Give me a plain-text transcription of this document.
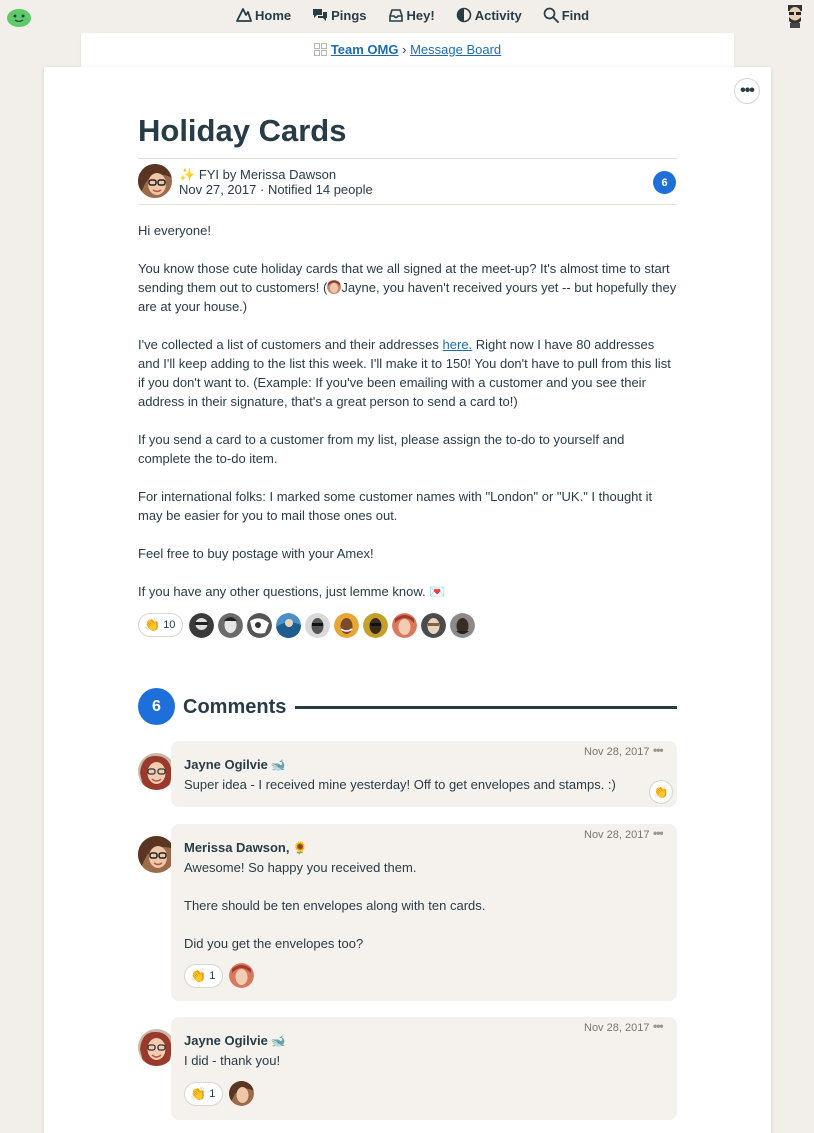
Home	Pings	Hey!	Activity	Find
Team OMG › Message Board
•••
Holiday Cards
✨ FYI by Merissa Dawson
Nov 27, 2017 · Notified 14 people	6

Hi everyone!

You know those cute holiday cards that we all signed at the meet-up? It's almost time to start sending them out to customers! ( Jayne, you haven't received yours yet -- but hopefully they are at your house.)

I've collected a list of customers and their addresses here. Right now I have 80 addresses and I'll keep adding to the list this week. I'll make it to 150! You don't have to pull from this list if you don't want to. (Example: If you've been emailing with a customer and you see their address in their signature, that's a great person to send a card to!)

If you send a card to a customer from my list, please assign the to-do to yourself and complete the to-do item.

For international folks: I marked some customer names with "London" or "UK." I thought it may be easier for you to mail those ones out.

Feel free to buy postage with your Amex!

If you have any other questions, just lemme know. 💌

👏 10
6	Comments
Nov 28, 2017 •••
Jayne Ogilvie 🐋

Super idea - I received mine yesterday! Off to get envelopes and stamps. :)	👏
Nov 28, 2017 •••
Merissa Dawson, 🌻

Awesome! So happy you received them.

There should be ten envelopes along with ten cards.

Did you get the envelopes too?

👏 1
Nov 28, 2017 •••
Jayne Ogilvie 🐋

I did - thank you!

👏 1
